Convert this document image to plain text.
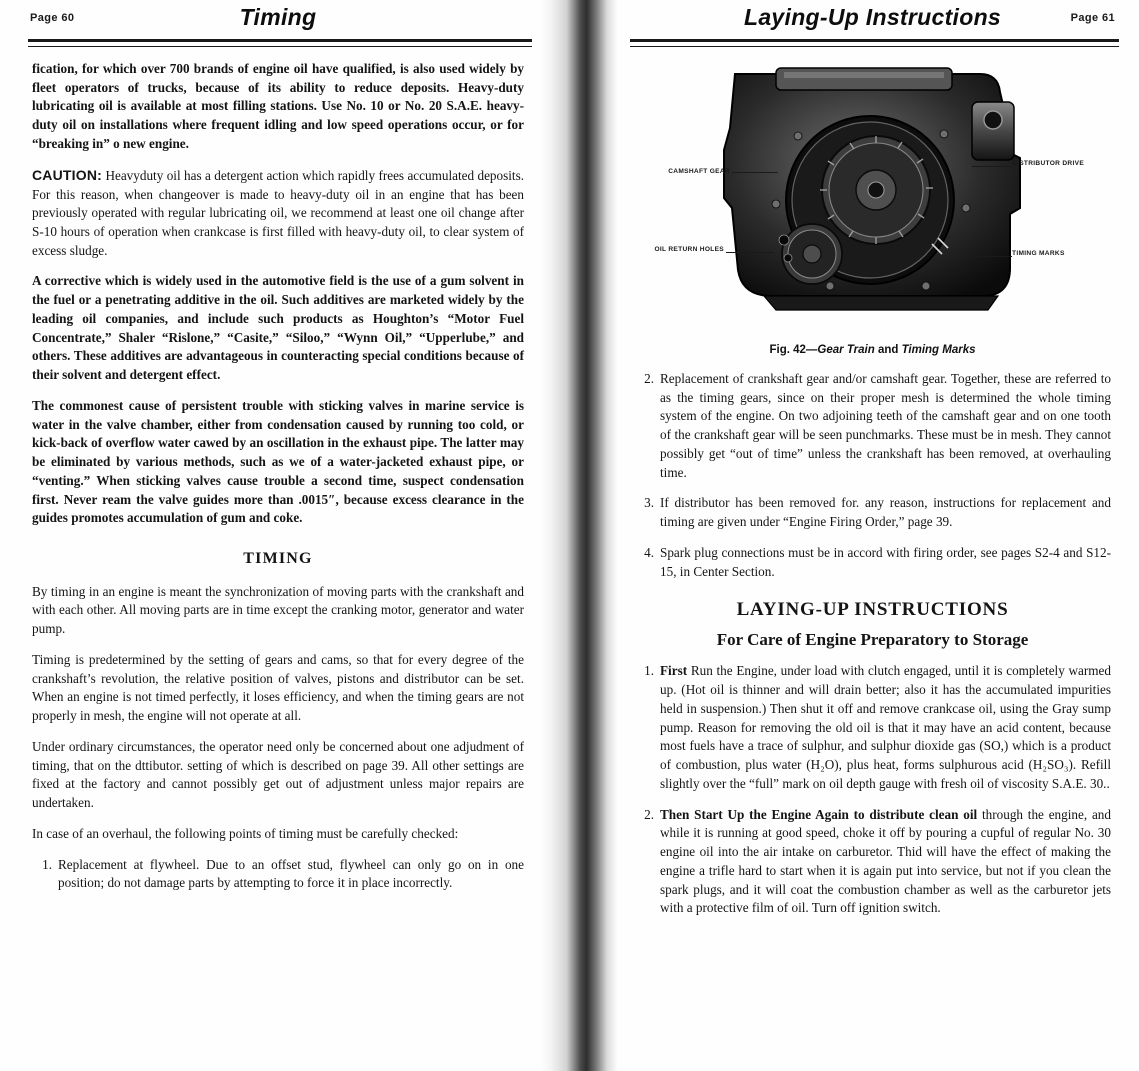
Page 60	Timing

fication, for which over 700 brands of engine oil have qualified, is also used widely by fleet operators of trucks, because of its ability to reduce deposits. Heavy-duty lubricating oil is available at most filling stations. Use No. 10 or No. 20 S.A.E. heavy-duty oil on installations where frequent idling and low speed operations occur, or for “breaking in” o new engine.

CAUTION: Heavyduty oil has a detergent action which rapidly frees accumulated deposits. For this reason, when changeover is made to heavy-duty oil in an engine that has been previously operated with regular lubricating oil, we recommend at least one oil change after S-10 hours of operation when crankcase is first filled with heavy-duty oil, to clear system of excess sludge.

A corrective which is widely used in the automotive field is the use of a gum solvent in the fuel or a penetrating additive in the oil. Such additives are marketed widely by the leading oil companies, and include such products as Houghton’s “Motor Fuel Concentrate,” Shaler “Rislone,” “Casite,” “Siloo,” “Wynn Oil,” “Upperlube,” and others. These additives are advantageous in counteracting special conditions because of their solvent and detergent effect.

The commonest cause of persistent trouble with sticking valves in marine service is water in the valve chamber, either from condensation caused by running too cold, or kick-back of overflow water cawed by an oscillation in the exhaust pipe. The latter may be eliminated by various methods, such as we of a water-jacketed exhaust pipe, or “venting.” When sticking valves cause trouble a second time, suspect condensation first. Never ream the valve guides more than .0015″, because excess clearance in the guides promotes accumulation of gum and coke.

TIMING

By timing in an engine is meant the synchronization of moving parts with the crankshaft and with each other. All moving parts are in time except the cranking motor, generator and water pump.

Timing is predetermined by the setting of gears and cams, so that for every degree of the crankshaft’s revolution, the relative position of valves, pistons and distributor can be set. When an engine is not timed perfectly, it loses efficiency, and when the timing gears are not properly in mesh, the engine will not operate at all.

Under ordinary circumstances, the operator need only be concerned about one adjudment of timing, that on the dttibutor. setting of which is described on page 39. All other settings are fixed at the factory and cannot possibly get out of adjustment unless major repairs are undertaken.

In case of an overhaul, the following points of timing must be carefully checked:

1. Replacement at flywheel. Due to an offset stud, flywheel can only go on in one position; do not damage parts by attempting to force it in place incorrectly.
Laying-Up Instructions	Page 61
CAMSHAFT GEAR
DISTRIBUTOR DRIVE
OIL RETURN HOLES
TIMING MARKS
Fig. 42—Gear Train and Timing Marks
2. Replacement of crankshaft gear and/or camshaft gear. Together, these are referred to as the timing gears, since on their proper mesh is determined the whole timing system of the engine. On two adjoining teeth of the camshaft gear and on one tooth of the crankshaft gear will be seen punchmarks. These must be in mesh. They cannot possibly get “out of time” unless the crankshaft has been removed, at overhauling time.
3. If distributor has been removed for. any reason, instructions for replacement and timing are given under “Engine Firing Order,” page 39.
4. Spark plug connections must be in accord with firing order, see pages S2-4 and S12-15, in Center Section.
LAYING-UP INSTRUCTIONS
For Care of Engine Preparatory to Storage
1. First Run the Engine, under load with clutch engaged, until it is completely warmed up. (Hot oil is thinner and will drain better; also it has the accumulated impurities held in suspension.) Then shut it off and remove crankcase oil, using the Gray sump pump. Reason for removing the old oil is that it may have an acid content, because most fuels have a trace of sulphur, and sulphur dioxide gas (SO,) which is a product of combustion, plus water (H₂O), plus heat, forms sulphurous acid (H₂SO₃). Refill slightly over the “full” mark on oil depth gauge with fresh oil of viscosity S.A.E. 30..
2. Then Start Up the Engine Again to distribute clean oil through the engine, and while it is running at good speed, choke it off by pouring a cupful of regular No. 30 engine oil into the air intake on carburetor. Thid will have the effect of making the engine a trifle hard to start when it is again put into service, but not if you clean the spark plugs, and it will coat the combustion chamber as well as the carburetor jets with a protective film of oil. Turn off ignition switch.
